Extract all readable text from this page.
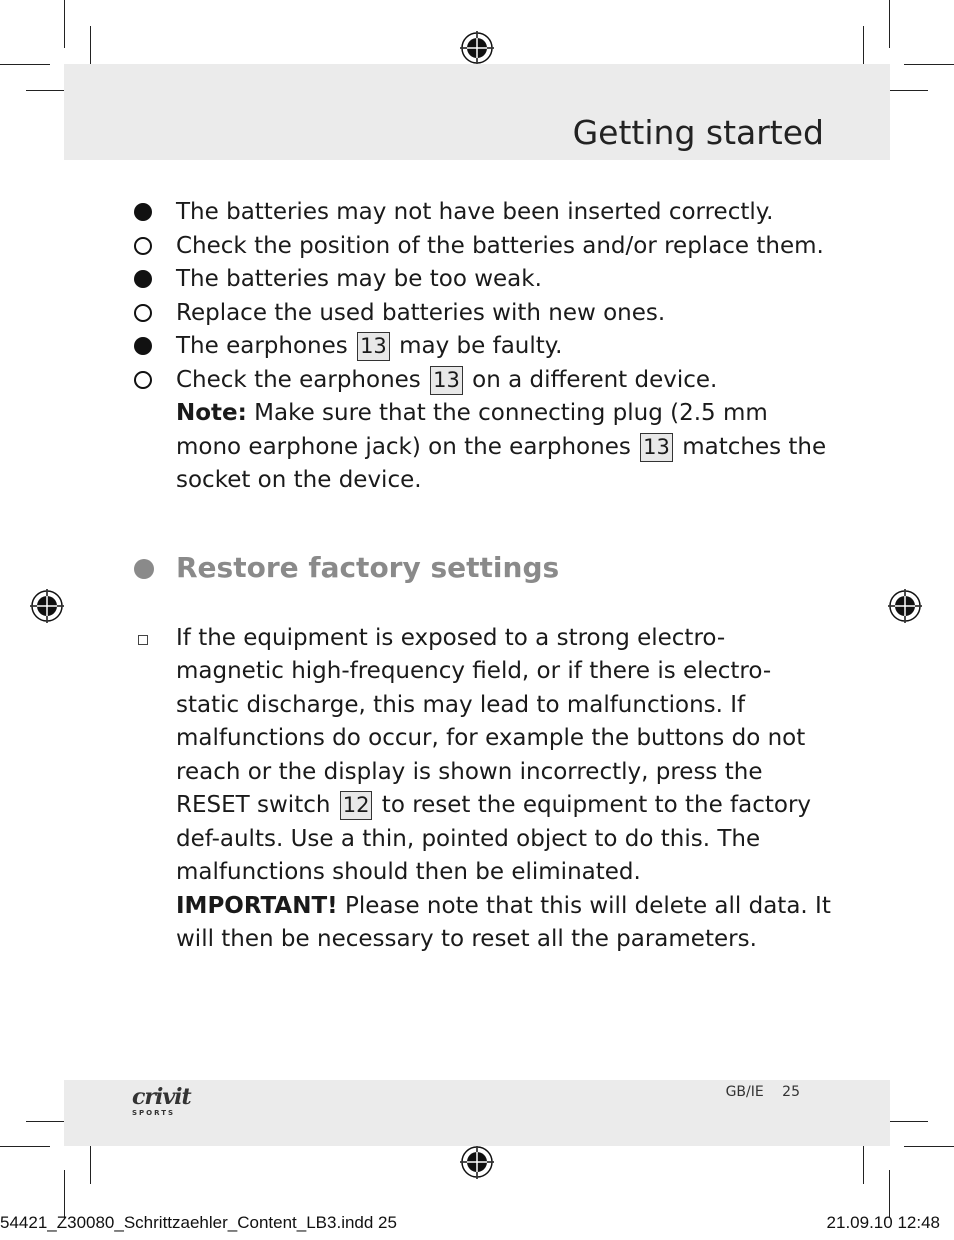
Getting started
The batteries may not have been inserted correctly.
Check the position of the batteries and/or replace them.
The batteries may be too weak.
Replace the used batteries with new ones.
The earphones 13 may be faulty.
Check the earphones 13 on a different device.
Note: Make sure that the connecting plug (2.5 mm mono earphone jack) on the earphones 13 matches the socket on the device.
Restore factory settings
If the equipment is exposed to a strong electro-magnetic high-frequency field, or if there is electro-static discharge, this may lead to malfunctions. If malfunctions do occur, for example the buttons do not reach or the display is shown incorrectly, press the RESET switch 12 to reset the equipment to the factory def-aults. Use a thin, pointed object to do this. The malfunctions should then be eliminated.
IMPORTANT! Please note that this will delete all data. It will then be necessary to reset all the parameters.
crivit
SPORTS
GB/IE 25
54421_Z30080_Schrittzaehler_Content_LB3.indd 25	21.09.10 12:48
